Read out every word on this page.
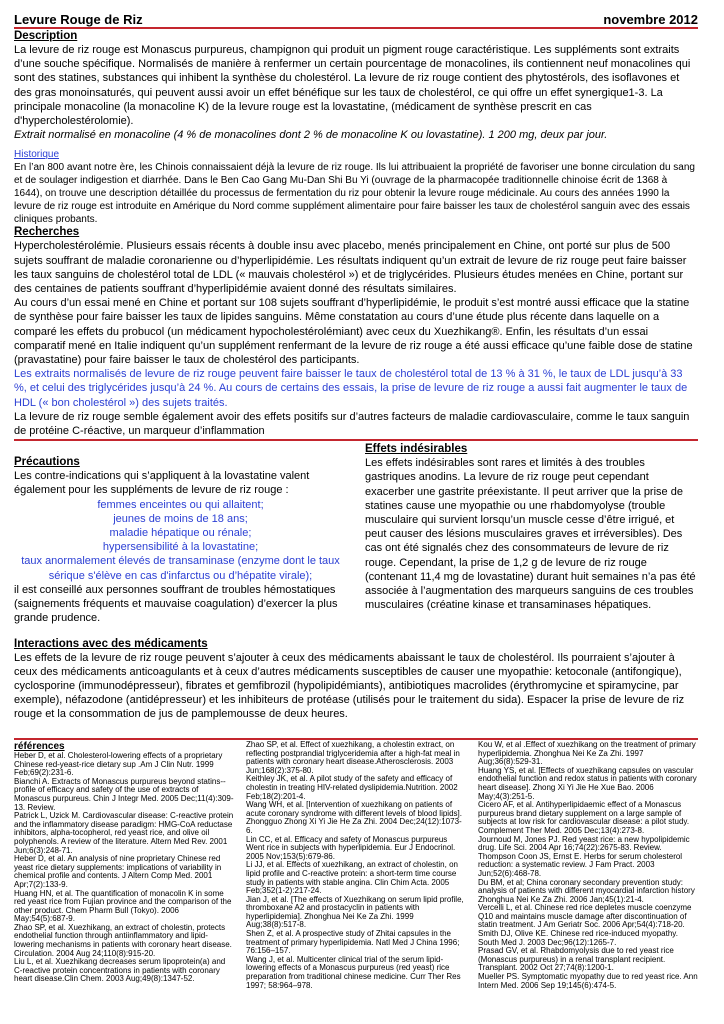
Levure Rouge de Riz	novembre 2012
Description

La levure de riz rouge est Monascus purpureus, champignon qui produit un pigment rouge caractéristique. Les suppléments sont extraits d’une souche spécifique. Normalisés de manière à renfermer un certain pourcentage de monacolines, ils contiennent neuf monacolines qui sont des statines, substances qui inhibent la synthèse du cholestérol. La levure de riz rouge contient des phytostérols, des isoflavones et des gras monoinsaturés, qui peuvent aussi avoir un effet bénéfique sur les taux de cholestérol, ce qui offre un effet synergique1-3. La principale monacoline (la monacoline K) de la levure rouge est la lovastatine, (médicament de synthèse prescrit en cas d'hypercholestérolomie).

Extrait normalisé en monacoline (4 % de monacolines dont 2 % de monacoline K ou lovastatine). 1 200 mg, deux par jour.

Historique

En l’an 800 avant notre ère, les Chinois connaissaient déjà la levure de riz rouge. Ils lui attribuaient la propriété de favoriser une bonne circulation du sang et de soulager indigestion et diarrhée. Dans le Ben Cao Gang Mu-Dan Shi Bu Yi (ouvrage de la pharmacopée traditionnelle chinoise écrit de 1368 à 1644), on trouve une description détaillée du processus de fermentation du riz pour obtenir la levure rouge médicinale. Au cours des années 1990 la levure de riz rouge est introduite en Amérique du Nord comme supplément alimentaire pour faire baisser les taux de cholestérol sanguin avec des essais cliniques probants.

Recherches

Hypercholestérolémie. Plusieurs essais récents à double insu avec placebo, menés principalement en Chine, ont porté sur plus de 500 sujets souffrant de maladie coronarienne ou d’hyperlipidémie. Les résultats indiquent qu’un extrait de levure de riz rouge peut faire baisser les taux sanguins de cholestérol total de LDL (« mauvais cholestérol ») et de triglycérides. Plusieurs études menées en Chine, portant sur des centaines de patients souffrant d’hyperlipidémie avaient donné des résultats similaires.

Au cours d’un essai mené en Chine et portant sur 108 sujets souffrant d’hyperlipidémie, le produit s’est montré aussi efficace que la statine de synthèse pour faire baisser les taux de lipides sanguins. Même constatation au cours d’une étude plus récente dans laquelle on a comparé les effets du probucol (un médicament hypocholestérolémiant) avec ceux du Xuezhikang®. Enfin, les résultats d’un essai comparatif mené en Italie indiquent qu’un supplément renfermant de la levure de riz rouge a été aussi efficace qu’une faible dose de statine (pravastatine) pour faire baisser le taux de cholestérol des participants.

Les extraits normalisés de levure de riz rouge peuvent faire baisser le taux de cholestérol total de 13 % à 31 %, le taux de LDL jusqu’à 33 %, et celui des triglycérides jusqu’à 24 %. Au cours de certains des essais, la prise de levure de riz rouge a aussi fait augmenter le taux de HDL (« bon cholestérol ») des sujets traités.

La levure de riz rouge semble également avoir des effets positifs sur d’autres facteurs de maladie cardiovasculaire, comme le taux sanguin de protéine C-réactive, un marqueur d’inflammation

Précautions

Les contre-indications qui s’appliquent à la lovastatine valent également pour les suppléments de levure de riz rouge :

femmes enceintes ou qui allaitent;

jeunes de moins de 18 ans;

maladie hépatique ou rénale;

hypersensibilité à la lovastatine;

taux anormalement élevés de transaminase (enzyme dont le taux sérique s'élève en cas d'infarctus ou d’hépatite virale);

il est conseillé aux personnes souffrant de troubles hémostatiques (saignements fréquents et mauvaise coagulation) d’exercer la plus grande prudence.

Effets indésirables

Les effets indésirables sont rares et limités à des troubles gastriques anodins. La levure de riz rouge peut cependant exacerber une gastrite préexistante. Il peut arriver que la prise de statines cause une myopathie ou une rhabdomyolyse (trouble musculaire qui survient lorsqu’un muscle cesse d’être irrigué, et peut causer des lésions musculaires graves et irréversibles). Des cas ont été signalés chez des consommateurs de levure de riz rouge. Cependant, la prise de 1,2 g de levure de riz rouge (contenant 11,4 mg de lovastatine) durant huit semaines n’a pas été associée à l’augmentation des marqueurs sanguins de ces troubles musculaires (créatine kinase et transaminases hépatiques.

Interactions avec des médicaments

Les effets de la levure de riz rouge peuvent s’ajouter à ceux des médicaments abaissant le taux de cholestérol. Ils pourraient s’ajouter à ceux des médicaments anticoagulants et à ceux d’autres médicaments susceptibles de causer une myopathie: ketoconale (antifongique), cyclosporine (immunodépresseur), fibrates et gemfibrozil (hypolipidémiants), antibiotiques macrolides (érythromycine et spiramycine, par exemple), néfazodone (antidépresseur) et les inhibiteurs de protéase (utilisés pour le traitement du sida). Espacer la prise de levure de riz rouge et la consommation de jus de pamplemousse de deux heures.

références

Heber D, et al. Cholesterol-lowering effects of a proprietary Chinese red-yeast-rice dietary sup .Am J Clin Nutr. 1999 Feb;69(2):231-6.

Bianchi A. Extracts of Monascus purpureus beyond statins--profile of efficacy and safety of the use of extracts of Monascus purpureus. Chin J Integr Med. 2005 Dec;11(4):309-13. Review.

Patrick L, Uzick M. Cardiovascular disease: C-reactive protein and the inflammatory disease paradigm: HMG-CoA reductase inhibitors, alpha-tocopherol, red yeast rice, and olive oil polyphenols. A review of the literature. Altern Med Rev. 2001 Jun;6(3):248-71.

Heber D, et al. An analysis of nine proprietary Chinese red yeast rice dietary supplements: implications of variability in chemical profile and contents. J Altern Comp Med. 2001 Apr;7(2):133-9.

Huang HN, et al. The quantification of monacolin K in some red yeast rice from Fujian province and the comparison of the other product. Chem Pharm Bull (Tokyo). 2006 May;54(5):687-9.

Zhao SP, et al. Xuezhikang, an extract of cholestin, protects endothelial function through antiinflammatory and lipid-lowering mechanisms in patients with coronary heart disease. Circulation. 2004 Aug 24;110(8):915-20.

Liu L, et al. Xuezhikang decreases serum lipoprotein(a) and C-reactive protein concentrations in patients with coronary heart disease.Clin Chem. 2003 Aug;49(8):1347-52.

Zhao SP, et al. Effect of xuezhikang, a cholestin extract, on reflecting postprandial triglyceridemia after a high-fat meal in patients with coronary heart disease.Atherosclerosis. 2003 Jun;168(2):375-80.

Keithley JK, et al. A pilot study of the safety and efficacy of cholestin in treating HIV-related dyslipidemia.Nutrition. 2002 Feb;18(2):201-4.

Wang WH, et al. [Intervention of xuezhikang on patients of acute coronary syndrome with different levels of blood lipids]. Zhongguo Zhong Xi Yi Jie He Za Zhi. 2004 Dec;24(12):1073-6.

Lin CC, et al. Efficacy and safety of Monascus purpureus Went rice in subjects with hyperlipidemia. Eur J Endocrinol. 2005 Nov;153(5):679-86.

Li JJ, et al. Effects of xuezhikang, an extract of cholestin, on lipid profile and C-reactive protein: a short-term time course study in patients with stable angina. Clin Chim Acta. 2005 Feb;352(1-2):217-24.

Jian J, et al. [The effects of Xuezhikang on serum lipid profile, thromboxane A2 and prostacyclin in patients with hyperlipidemia]. Zhonghua Nei Ke Za Zhi. 1999 Aug;38(8):517-8.

Shen Z, et al. A prospective study of Zhitai capsules in the treatment of primary hyperlipidemia. Natl Med J China 1996; 76:156–157.

Wang J, et al. Multicenter clinical trial of the serum lipid-lowering effects of a Monascus purpureus (red yeast) rice preparation from traditional chinese medicine. Curr Ther Res 1997; 58:964–978.

Kou W, et al .Effect of xuezhikang on the treatment of primary hyperlipidemia. Zhonghua Nei Ke Za Zhi. 1997 Aug;36(8):529-31.

Huang YS, et al. [Effects of xuezhikang capsules on vascular endothelial function and redox status in patients with coronary heart disease]. Zhong Xi Yi Jie He Xue Bao. 2006 May;4(3):251-5.

Cicero AF, et al. Antihyperlipidaemic effect of a Monascus purpureus brand dietary supplement on a large sample of subjects at low risk for cardiovascular disease: a pilot study. Complement Ther Med. 2005 Dec;13(4):273-8.

Journoud M, Jones PJ. Red yeast rice: a new hypolipidemic drug. Life Sci. 2004 Apr 16;74(22):2675-83. Review.

Thompson Coon JS, Ernst E. Herbs for serum cholesterol reduction: a systematic review. J Fam Pract. 2003 Jun;52(6):468-78.

Du BM, et al; China coronary secondary prevention study: analysis of patients with different myocardial infarction history Zhonghua Nei Ke Za Zhi. 2006 Jan;45(1):21-4.

Vercelli L, et al. Chinese red rice depletes muscle coenzyme Q10 and maintains muscle damage after discontinuation of statin treatment. J Am Geriatr Soc. 2006 Apr;54(4):718-20.

Smith DJ, Olive KE. Chinese red rice-induced myopathy. South Med J. 2003 Dec;96(12):1265-7.

Prasad GV, et al. Rhabdomyolysis due to red yeast rice (Monascus purpureus) in a renal transplant recipient. Transplant. 2002 Oct 27;74(8):1200-1.

Mueller PS. Symptomatic myopathy due to red yeast rice. Ann Intern Med. 2006 Sep 19;145(6):474-5.
